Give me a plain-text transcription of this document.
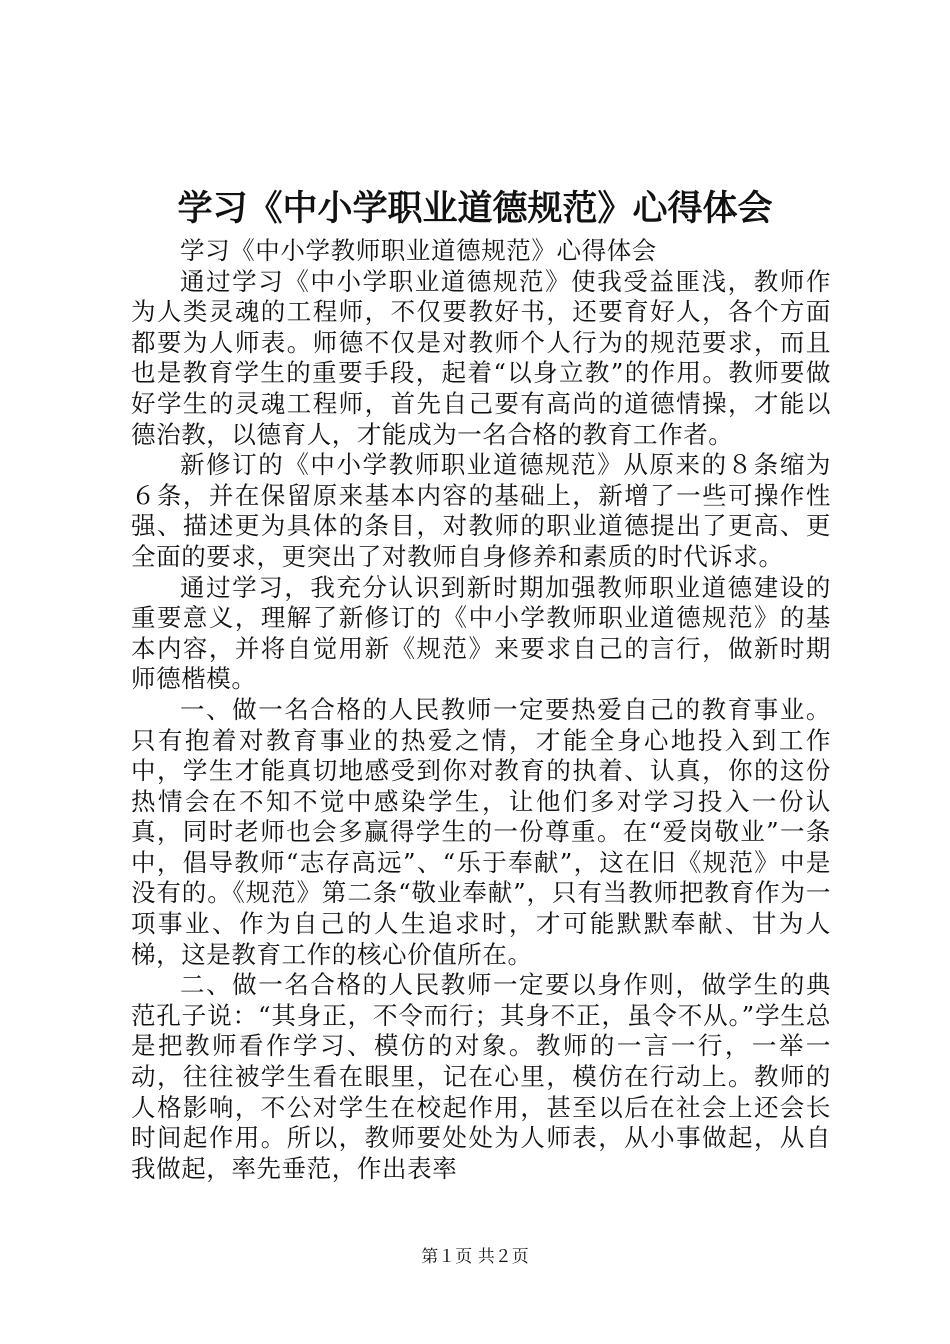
学习《中小学职业道德规范》心得体会

学习《中小学教师职业道德规范》心得体会

通过学习《中小学职业道德规范》使我受益匪浅，教师作为人类灵魂的工程师，不仅要教好书，还要育好人，各个方面都要为人师表。师德不仅是对教师个人行为的规范要求，而且也是教育学生的重要手段，起着“以身立教”的作用。教师要做好学生的灵魂工程师，首先自己要有高尚的道德情操，才能以德治教，以德育人，才能成为一名合格的教育工作者。

新修订的《中小学教师职业道德规范》从原来的８条缩为６条，并在保留原来基本内容的基础上，新增了一些可操作性强、描述更为具体的条目，对教师的职业道德提出了更高、更全面的要求，更突出了对教师自身修养和素质的时代诉求。

通过学习，我充分认识到新时期加强教师职业道德建设的重要意义，理解了新修订的《中小学教师职业道德规范》的基本内容，并将自觉用新《规范》来要求自己的言行，做新时期师德楷模。

一、做一名合格的人民教师一定要热爱自己的教育事业。只有抱着对教育事业的热爱之情，才能全身心地投入到工作中，学生才能真切地感受到你对教育的执着、认真，你的这份热情会在不知不觉中感染学生，让他们多对学习投入一份认真，同时老师也会多赢得学生的一份尊重。在“爱岗敬业”一条中，倡导教师“志存高远”、“乐于奉献”，这在旧《规范》中是没有的。《规范》第二条“敬业奉献”，只有当教师把教育作为一项事业、作为自己的人生追求时，才可能默默奉献、甘为人梯，这是教育工作的核心价值所在。

二、做一名合格的人民教师一定要以身作则，做学生的典范孔子说：“其身正，不令而行；其身不正，虽令不从。”学生总是把教师看作学习、模仿的对象。教师的一言一行，一举一动，往往被学生看在眼里，记在心里，模仿在行动上。教师的人格影响，不公对学生在校起作用，甚至以后在社会上还会长时间起作用。所以，教师要处处为人师表，从小事做起，从自我做起，率先垂范，作出表率

第１页 共２页
